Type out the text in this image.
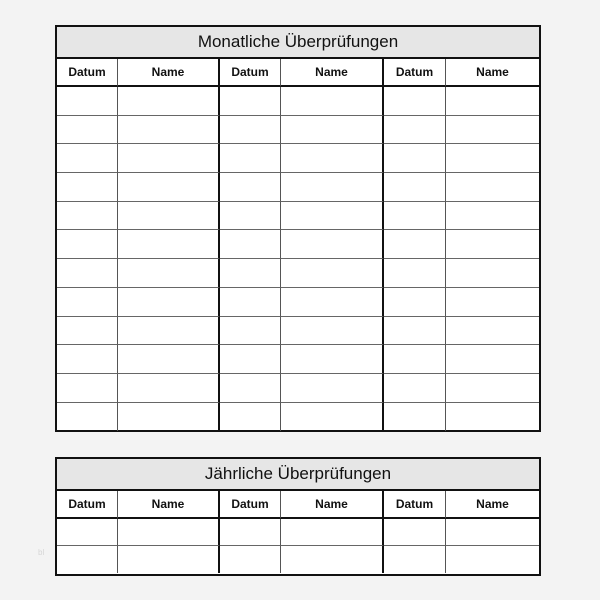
Monatliche Überprüfungen
Datum	Name	Datum	Name	Datum	Name
Jährliche Überprüfungen
Datum	Name	Datum	Name	Datum	Name
bl
